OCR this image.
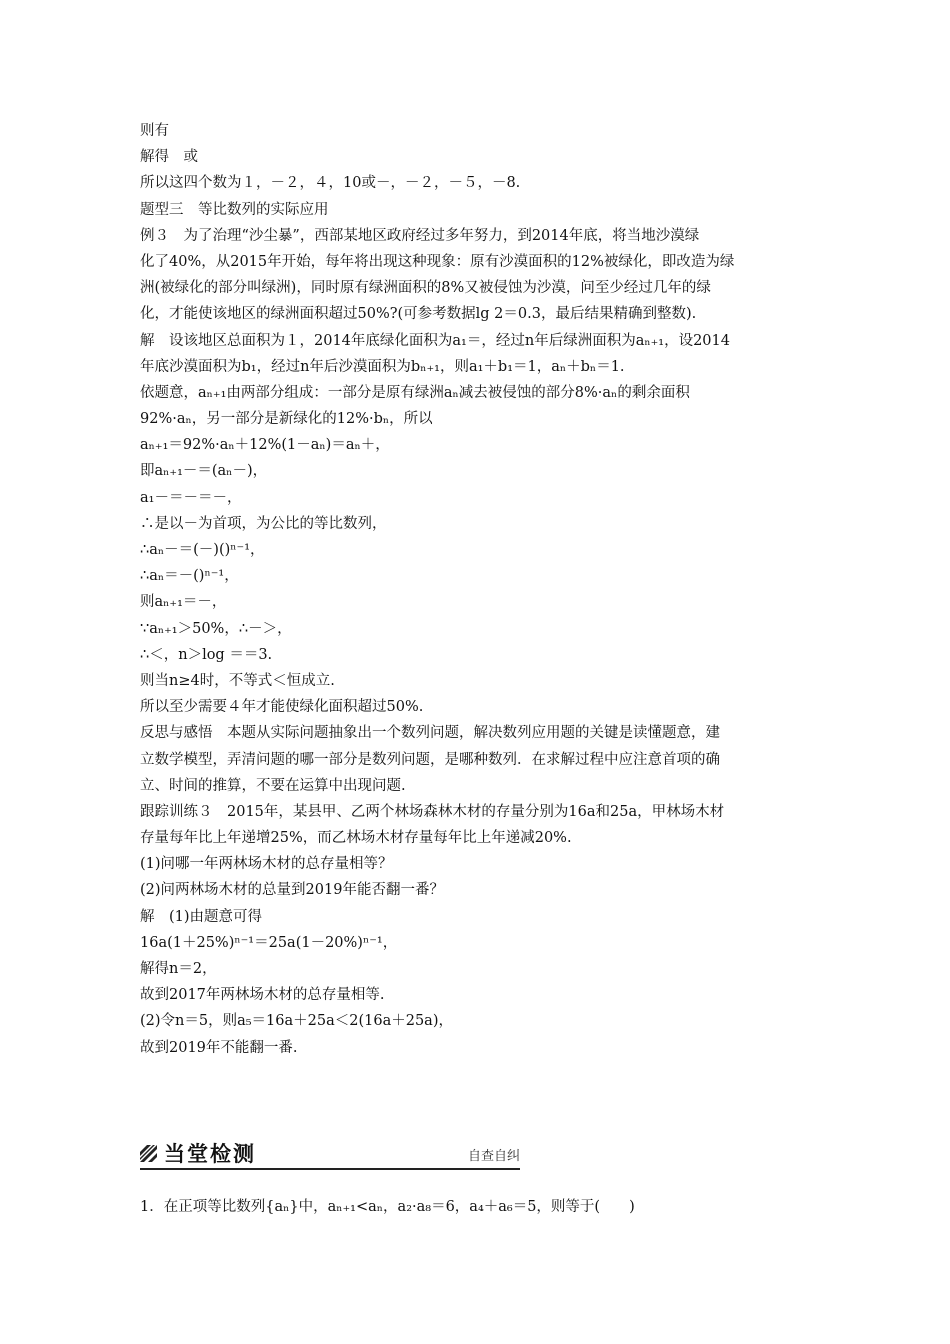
则有
解得　或
所以这四个数为１，－２，４，10或－，－２，－５，－8.
题型三　等比数列的实际应用
例３　为了治理“沙尘暴”，西部某地区政府经过多年努力，到2014年底，将当地沙漠绿
化了40%，从2015年开始，每年将出现这种现象：原有沙漠面积的12%被绿化，即改造为绿
洲(被绿化的部分叫绿洲)，同时原有绿洲面积的8%又被侵蚀为沙漠，问至少经过几年的绿
化，才能使该地区的绿洲面积超过50%?(可参考数据lg 2＝0.3，最后结果精确到整数).
解　设该地区总面积为１，2014年底绿化面积为a₁＝，经过n年后绿洲面积为aₙ₊₁，设2014
年底沙漠面积为b₁，经过n年后沙漠面积为bₙ₊₁，则a₁＋b₁＝1，aₙ＋bₙ＝1.
依题意，aₙ₊₁由两部分组成：一部分是原有绿洲aₙ减去被侵蚀的部分8%·aₙ的剩余面积
92%·aₙ，另一部分是新绿化的12%·bₙ，所以
aₙ₊₁＝92%·aₙ＋12%(1－aₙ)＝aₙ＋，
即aₙ₊₁－＝(aₙ－)，
a₁－＝－＝－，
∴是以－为首项，为公比的等比数列，
∴aₙ－＝(－)()ⁿ⁻¹，
∴aₙ＝－()ⁿ⁻¹，
则aₙ₊₁＝－，
∵aₙ₊₁＞50%，∴－＞，
∴＜，n＞log ＝＝3.
则当n≥4时，不等式＜恒成立.
所以至少需要４年才能使绿化面积超过50%.
反思与感悟　本题从实际问题抽象出一个数列问题，解决数列应用题的关键是读懂题意，建
立数学模型，弄清问题的哪一部分是数列问题，是哪种数列．在求解过程中应注意首项的确
立、时间的推算，不要在运算中出现问题.
跟踪训练３　2015年，某县甲、乙两个林场森林木材的存量分别为16a和25a，甲林场木材
存量每年比上年递增25%，而乙林场木材存量每年比上年递减20%.
(1)问哪一年两林场木材的总存量相等？
(2)问两林场木材的总量到2019年能否翻一番？
解　(1)由题意可得
16a(1＋25%)ⁿ⁻¹＝25a(1－20%)ⁿ⁻¹，
解得n＝2，
故到2017年两林场木材的总存量相等.
(2)令n＝5，则a₅＝16a＋25a＜2(16a＋25a)，
故到2019年不能翻一番.
当堂检测	自查自纠
1．在正项等比数列{aₙ}中，aₙ₊₁<aₙ，a₂·a₈＝6，a₄＋a₆＝5，则等于(　　)
